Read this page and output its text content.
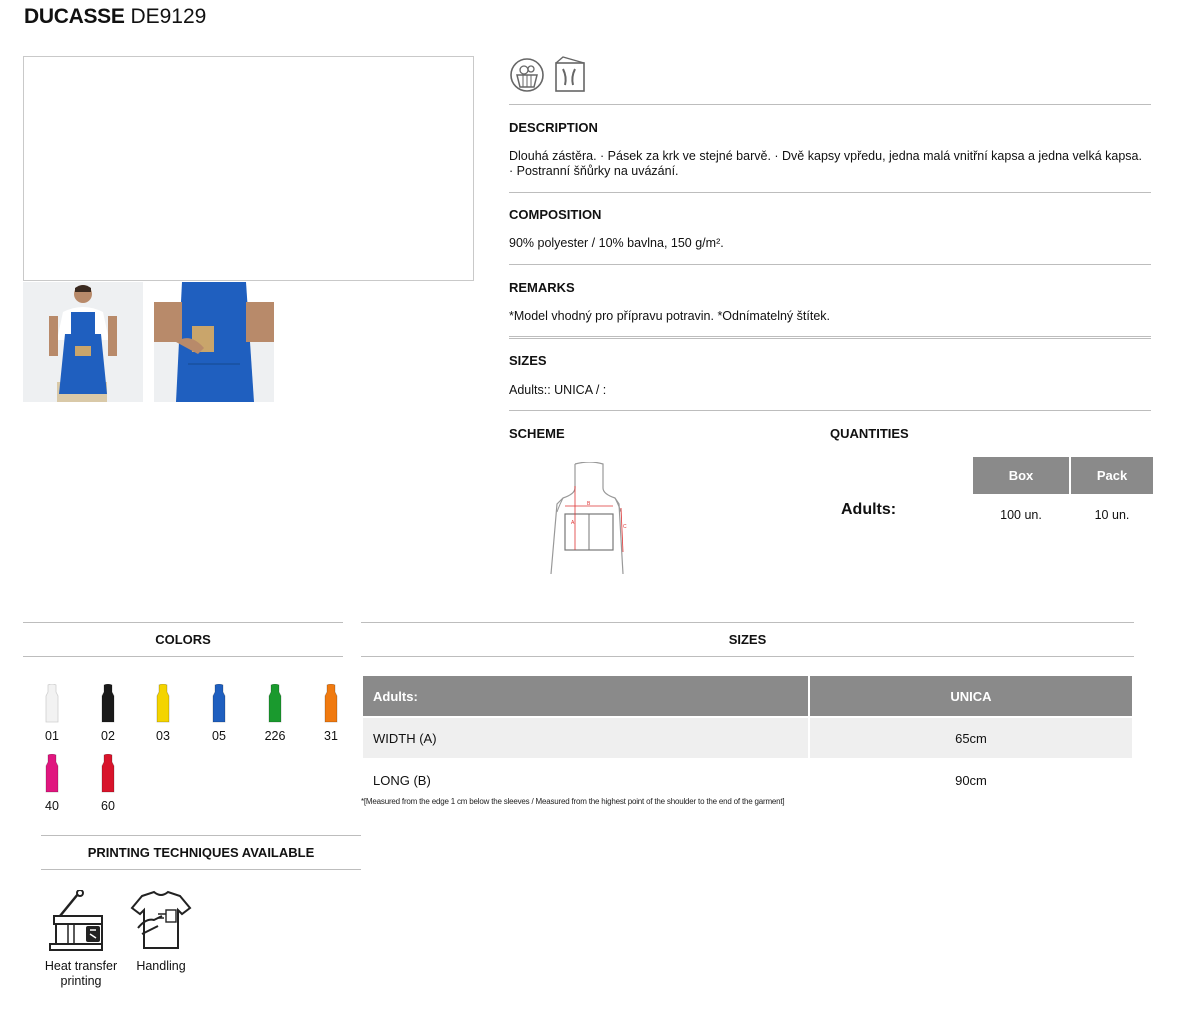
DUCASSE DE9129
DESCRIPTION
Dlouhá zástěra. · Pásek za krk ve stejné barvě. · Dvě kapsy vpředu, jedna malá vnitřní kapsa a jedna velká kapsa. · Postranní šňůrky na uvázání.
COMPOSITION
90% polyester / 10% bavlna, 150 g/m².
REMARKS
*Model vhodný pro přípravu potravin. *Odnímatelný štítek.
SIZES
Adults:: UNICA / :
SCHEME
B
A
C
QUANTITIES
Adults:
Box	Pack
100 un.	10 un.
COLORS
01	02	03	05	226	31
40	60
SIZES
Adults:	UNICA
WIDTH (A)	65cm
LONG (B)	90cm
*[Measured from the edge 1 cm below the sleeves / Measured from the highest point of the shoulder to the end of the garment]
PRINTING TECHNIQUES AVAILABLE
Heat transfer printing
Handling
